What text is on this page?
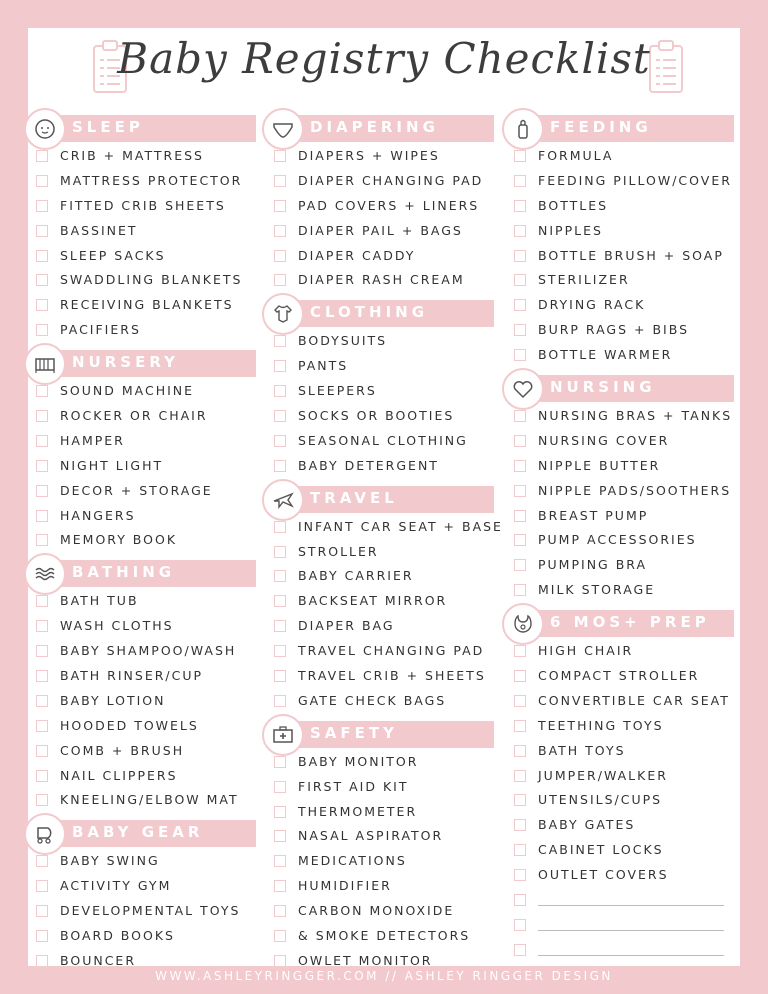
Baby Registry Checklist
SLEEP
CRIB + MATTRESS
MATTRESS PROTECTOR
FITTED CRIB SHEETS
BASSINET
SLEEP SACKS
SWADDLING BLANKETS
RECEIVING BLANKETS
PACIFIERS
NURSERY
SOUND MACHINE
ROCKER OR CHAIR
HAMPER
NIGHT LIGHT
DECOR + STORAGE
HANGERS
MEMORY BOOK
BATHING
BATH TUB
WASH CLOTHS
BABY SHAMPOO/WASH
BATH RINSER/CUP
BABY LOTION
HOODED TOWELS
COMB + BRUSH
NAIL CLIPPERS
KNEELING/ELBOW MAT
BABY GEAR
BABY SWING
ACTIVITY GYM
DEVELOPMENTAL TOYS
BOARD BOOKS
BOUNCER
DIAPERING
DIAPERS + WIPES
DIAPER CHANGING PAD
PAD COVERS + LINERS
DIAPER PAIL + BAGS
DIAPER CADDY
DIAPER RASH CREAM
CLOTHING
BODYSUITS
PANTS
SLEEPERS
SOCKS OR BOOTIES
SEASONAL CLOTHING
BABY DETERGENT
TRAVEL
INFANT CAR SEAT + BASE
STROLLER
BABY CARRIER
BACKSEAT MIRROR
DIAPER BAG
TRAVEL CHANGING PAD
TRAVEL CRIB + SHEETS
GATE CHECK BAGS
SAFETY
BABY MONITOR
FIRST AID KIT
THERMOMETER
NASAL ASPIRATOR
MEDICATIONS
HUMIDIFIER
CARBON MONOXIDE
& SMOKE DETECTORS
OWLET MONITOR
FEEDING
FORMULA
FEEDING PILLOW/COVER
BOTTLES
NIPPLES
BOTTLE BRUSH + SOAP
STERILIZER
DRYING RACK
BURP RAGS + BIBS
BOTTLE WARMER
NURSING
NURSING BRAS + TANKS
NURSING COVER
NIPPLE BUTTER
NIPPLE PADS/SOOTHERS
BREAST PUMP
PUMP ACCESSORIES
PUMPING BRA
MILK STORAGE
6 MOS+ PREP
HIGH CHAIR
COMPACT STROLLER
CONVERTIBLE CAR SEAT
TEETHING TOYS
BATH TOYS
JUMPER/WALKER
UTENSILS/CUPS
BABY GATES
CABINET LOCKS
OUTLET COVERS
WWW.ASHLEYRINGGER.COM // ASHLEY RINGGER DESIGN
